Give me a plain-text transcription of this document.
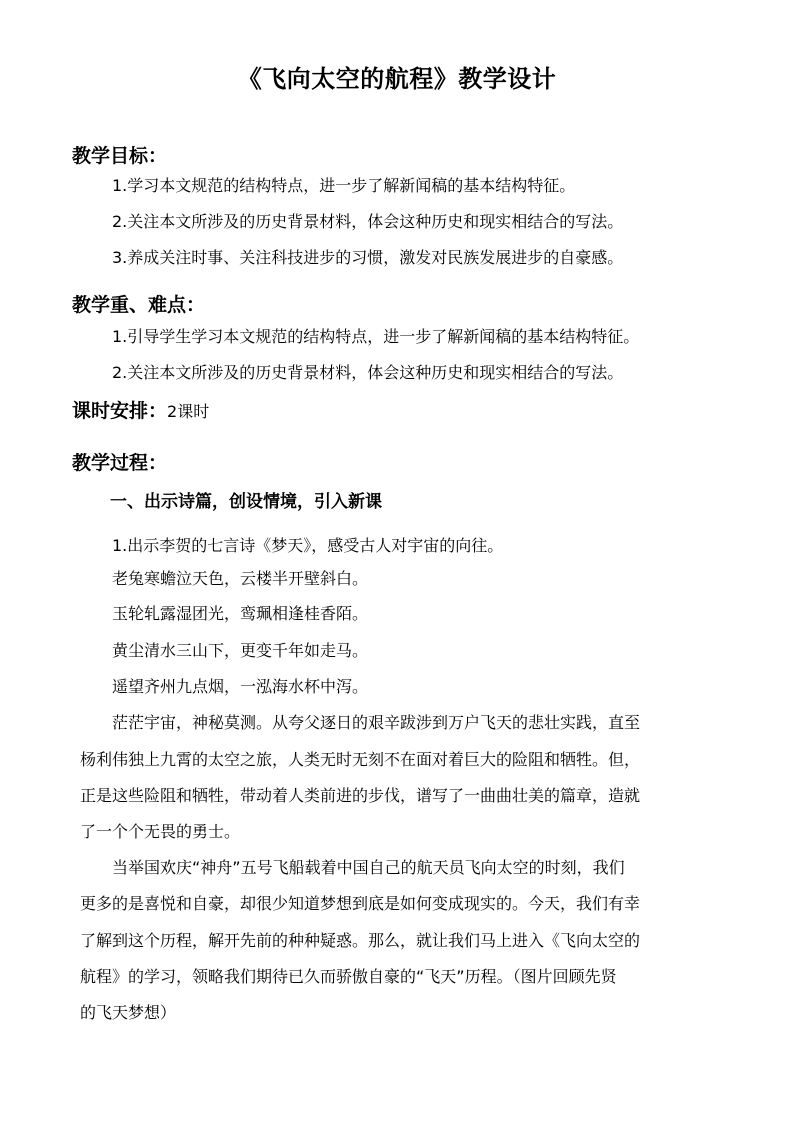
《飞向太空的航程》教学设计
教学目标：
1.学习本文规范的结构特点，进一步了解新闻稿的基本结构特征。
2.关注本文所涉及的历史背景材料，体会这种历史和现实相结合的写法。
3.养成关注时事、关注科技进步的习惯，激发对民族发展进步的自豪感。
教学重、难点：
1.引导学生学习本文规范的结构特点，进一步了解新闻稿的基本结构特征。
2.关注本文所涉及的历史背景材料，体会这种历史和现实相结合的写法。
课时安排：2课时
教学过程：
一、出示诗篇，创设情境，引入新课
1.出示李贺的七言诗《梦天》，感受古人对宇宙的向往。
老兔寒蟾泣天色，云楼半开壁斜白。
玉轮轧露湿团光，鸾珮相逢桂香陌。
黄尘清水三山下，更变千年如走马。
遥望齐州九点烟，一泓海水杯中泻。
茫茫宇宙，神秘莫测。从夸父逐日的艰辛跋涉到万户飞天的悲壮实践，直至
杨利伟独上九霄的太空之旅，人类无时无刻不在面对着巨大的险阻和牺牲。但，
正是这些险阻和牺牲，带动着人类前进的步伐，谱写了一曲曲壮美的篇章，造就
了一个个无畏的勇士。
当举国欢庆“神舟”五号飞船载着中国自己的航天员飞向太空的时刻，我们
更多的是喜悦和自豪，却很少知道梦想到底是如何变成现实的。今天，我们有幸
了解到这个历程，解开先前的种种疑惑。那么，就让我们马上进入《飞向太空的
航程》的学习，领略我们期待已久而骄傲自豪的“飞天”历程。（图片回顾先贤
的飞天梦想）
